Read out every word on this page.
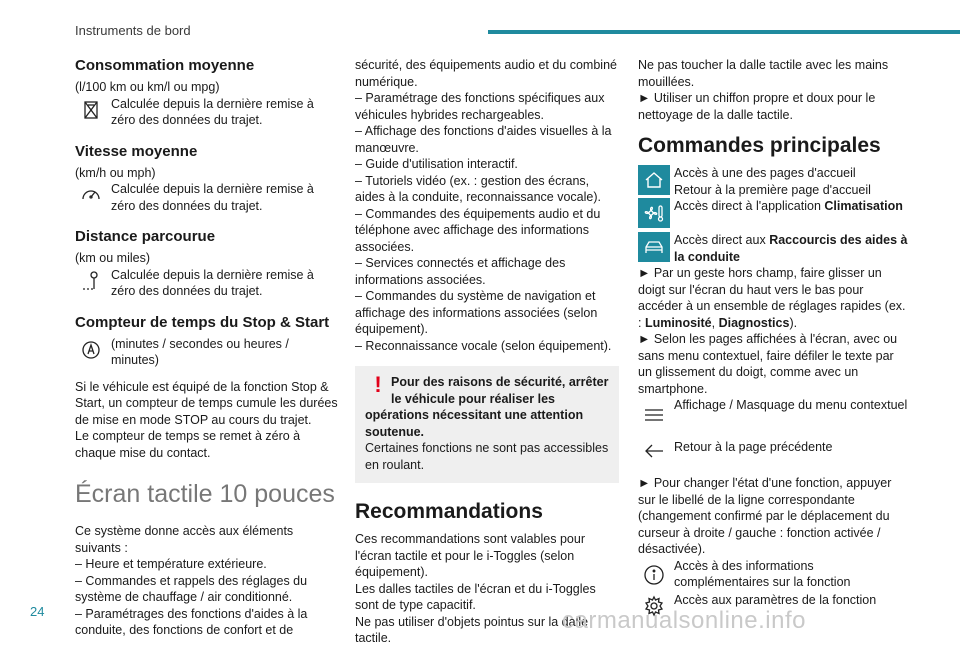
Instruments de bord
Consommation moyenne
(l/100 km ou km/l ou mpg)
Calculée depuis la dernière remise à zéro des données du trajet.
Vitesse moyenne
(km/h ou mph)
Calculée depuis la dernière remise à zéro des données du trajet.
Distance parcourue
(km ou miles)
Calculée depuis la dernière remise à zéro des données du trajet.
Compteur de temps du Stop & Start
(minutes / secondes ou heures / minutes)
Si le véhicule est équipé de la fonction Stop & Start, un compteur de temps cumule les durées de mise en mode STOP au cours du trajet.
Le compteur de temps se remet à zéro à chaque mise du contact.
Écran tactile 10 pouces
Ce système donne accès aux éléments suivants :
– Heure et température extérieure.
– Commandes et rappels des réglages du système de chauffage / air conditionné.
– Paramétrages des fonctions d'aides à la conduite, des fonctions de confort et de
sécurité, des équipements audio et du combiné numérique.
– Paramétrage des fonctions spécifiques aux véhicules hybrides rechargeables.
– Affichage des fonctions d'aides visuelles à la manœuvre.
– Guide d'utilisation interactif.
– Tutoriels vidéo (ex. : gestion des écrans, aides à la conduite, reconnaissance vocale).
– Commandes des équipements audio et du téléphone avec affichage des informations associées.
– Services connectés et affichage des informations associées.
– Commandes du système de navigation et affichage des informations associées (selon équipement).
– Reconnaissance vocale (selon équipement).
! Pour des raisons de sécurité, arrêter le véhicule pour réaliser les opérations nécessitant une attention soutenue.
Certaines fonctions ne sont pas accessibles en roulant.
Recommandations
Ces recommandations sont valables pour l'écran tactile et pour le i-Toggles (selon équipement).
Les dalles tactiles de l'écran et du i-Toggles sont de type capacitif.
Ne pas utiliser d'objets pointus sur la dalle tactile.
Ne pas toucher la dalle tactile avec les mains mouillées.
► Utiliser un chiffon propre et doux pour le nettoyage de la dalle tactile.
Commandes principales
Accès à une des pages d'accueil
Retour à la première page d'accueil
Accès direct à l'application Climatisation
Accès direct aux Raccourcis des aides à la conduite
► Par un geste hors champ, faire glisser un doigt sur l'écran du haut vers le bas pour accéder à un ensemble de réglages rapides (ex. : Luminosité, Diagnostics).
► Selon les pages affichées à l'écran, avec ou sans menu contextuel, faire défiler le texte par un glissement du doigt, comme avec un smartphone.
Affichage / Masquage du menu contextuel
Retour à la page précédente
► Pour changer l'état d'une fonction, appuyer sur le libellé de la ligne correspondante (changement confirmé par le déplacement du curseur à droite / gauche : fonction activée / désactivée).
Accès à des informations complémentaires sur la fonction
Accès aux paramètres de la fonction
24	carmanualsonline.info
